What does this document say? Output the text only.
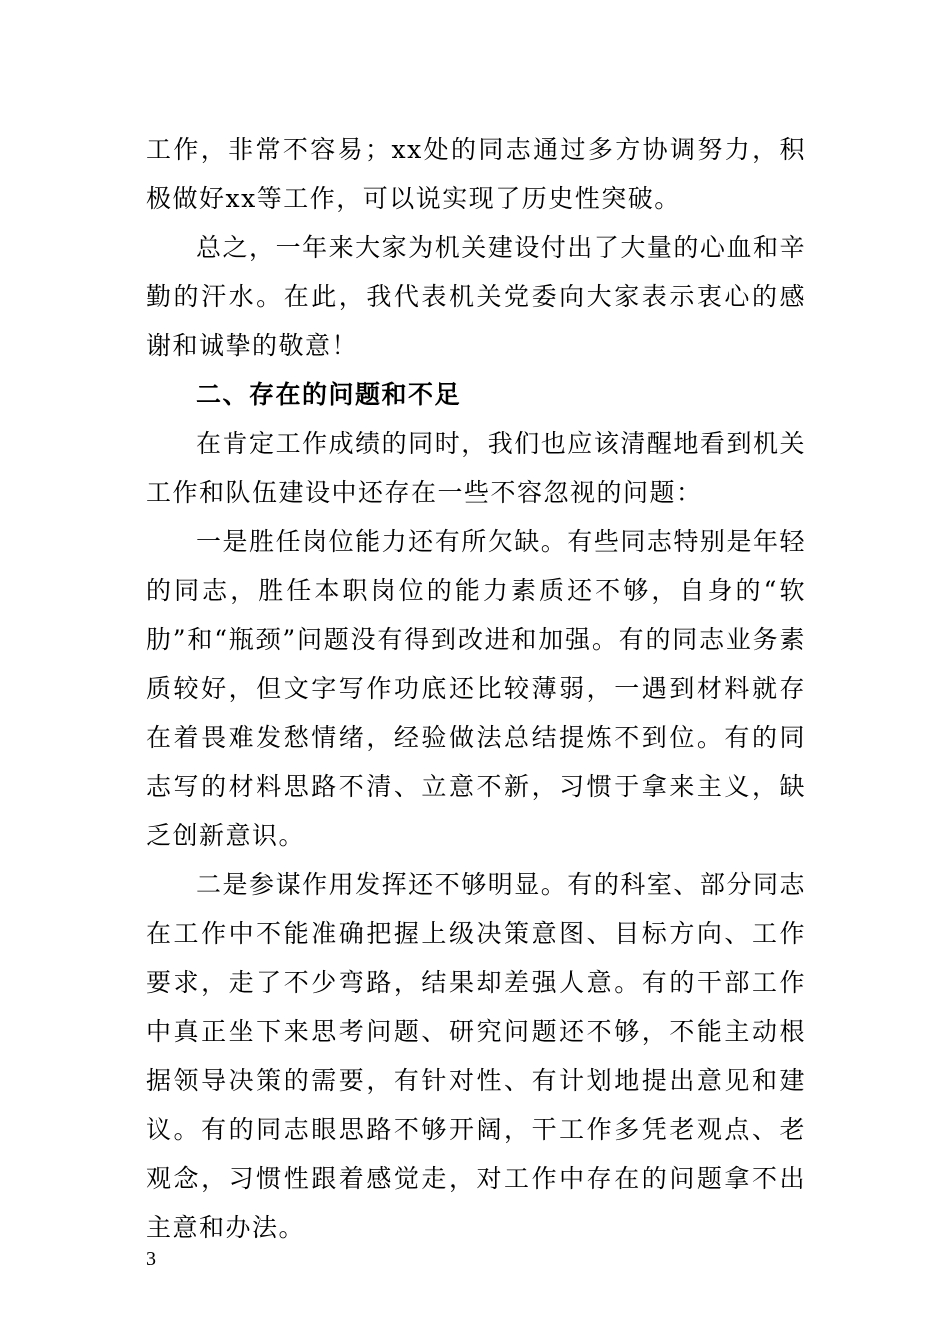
工作，非常不容易；xx处的同志通过多方协调努力，积极做好xx等工作，可以说实现了历史性突破。

总之，一年来大家为机关建设付出了大量的心血和辛勤的汗水。在此，我代表机关党委向大家表示衷心的感谢和诚挚的敬意！

二、存在的问题和不足

在肯定工作成绩的同时，我们也应该清醒地看到机关工作和队伍建设中还存在一些不容忽视的问题：

一是胜任岗位能力还有所欠缺。有些同志特别是年轻的同志，胜任本职岗位的能力素质还不够，自身的“软肋”和“瓶颈”问题没有得到改进和加强。有的同志业务素质较好，但文字写作功底还比较薄弱，一遇到材料就存在着畏难发愁情绪，经验做法总结提炼不到位。有的同志写的材料思路不清、立意不新，习惯于拿来主义，缺乏创新意识。

二是参谋作用发挥还不够明显。有的科室、部分同志在工作中不能准确把握上级决策意图、目标方向、工作要求，走了不少弯路，结果却差强人意。有的干部工作中真正坐下来思考问题、研究问题还不够，不能主动根据领导决策的需要，有针对性、有计划地提出意见和建议。有的同志眼思路不够开阔，干工作多凭老观点、老观念，习惯性跟着感觉走，对工作中存在的问题拿不出主意和办法。

3
